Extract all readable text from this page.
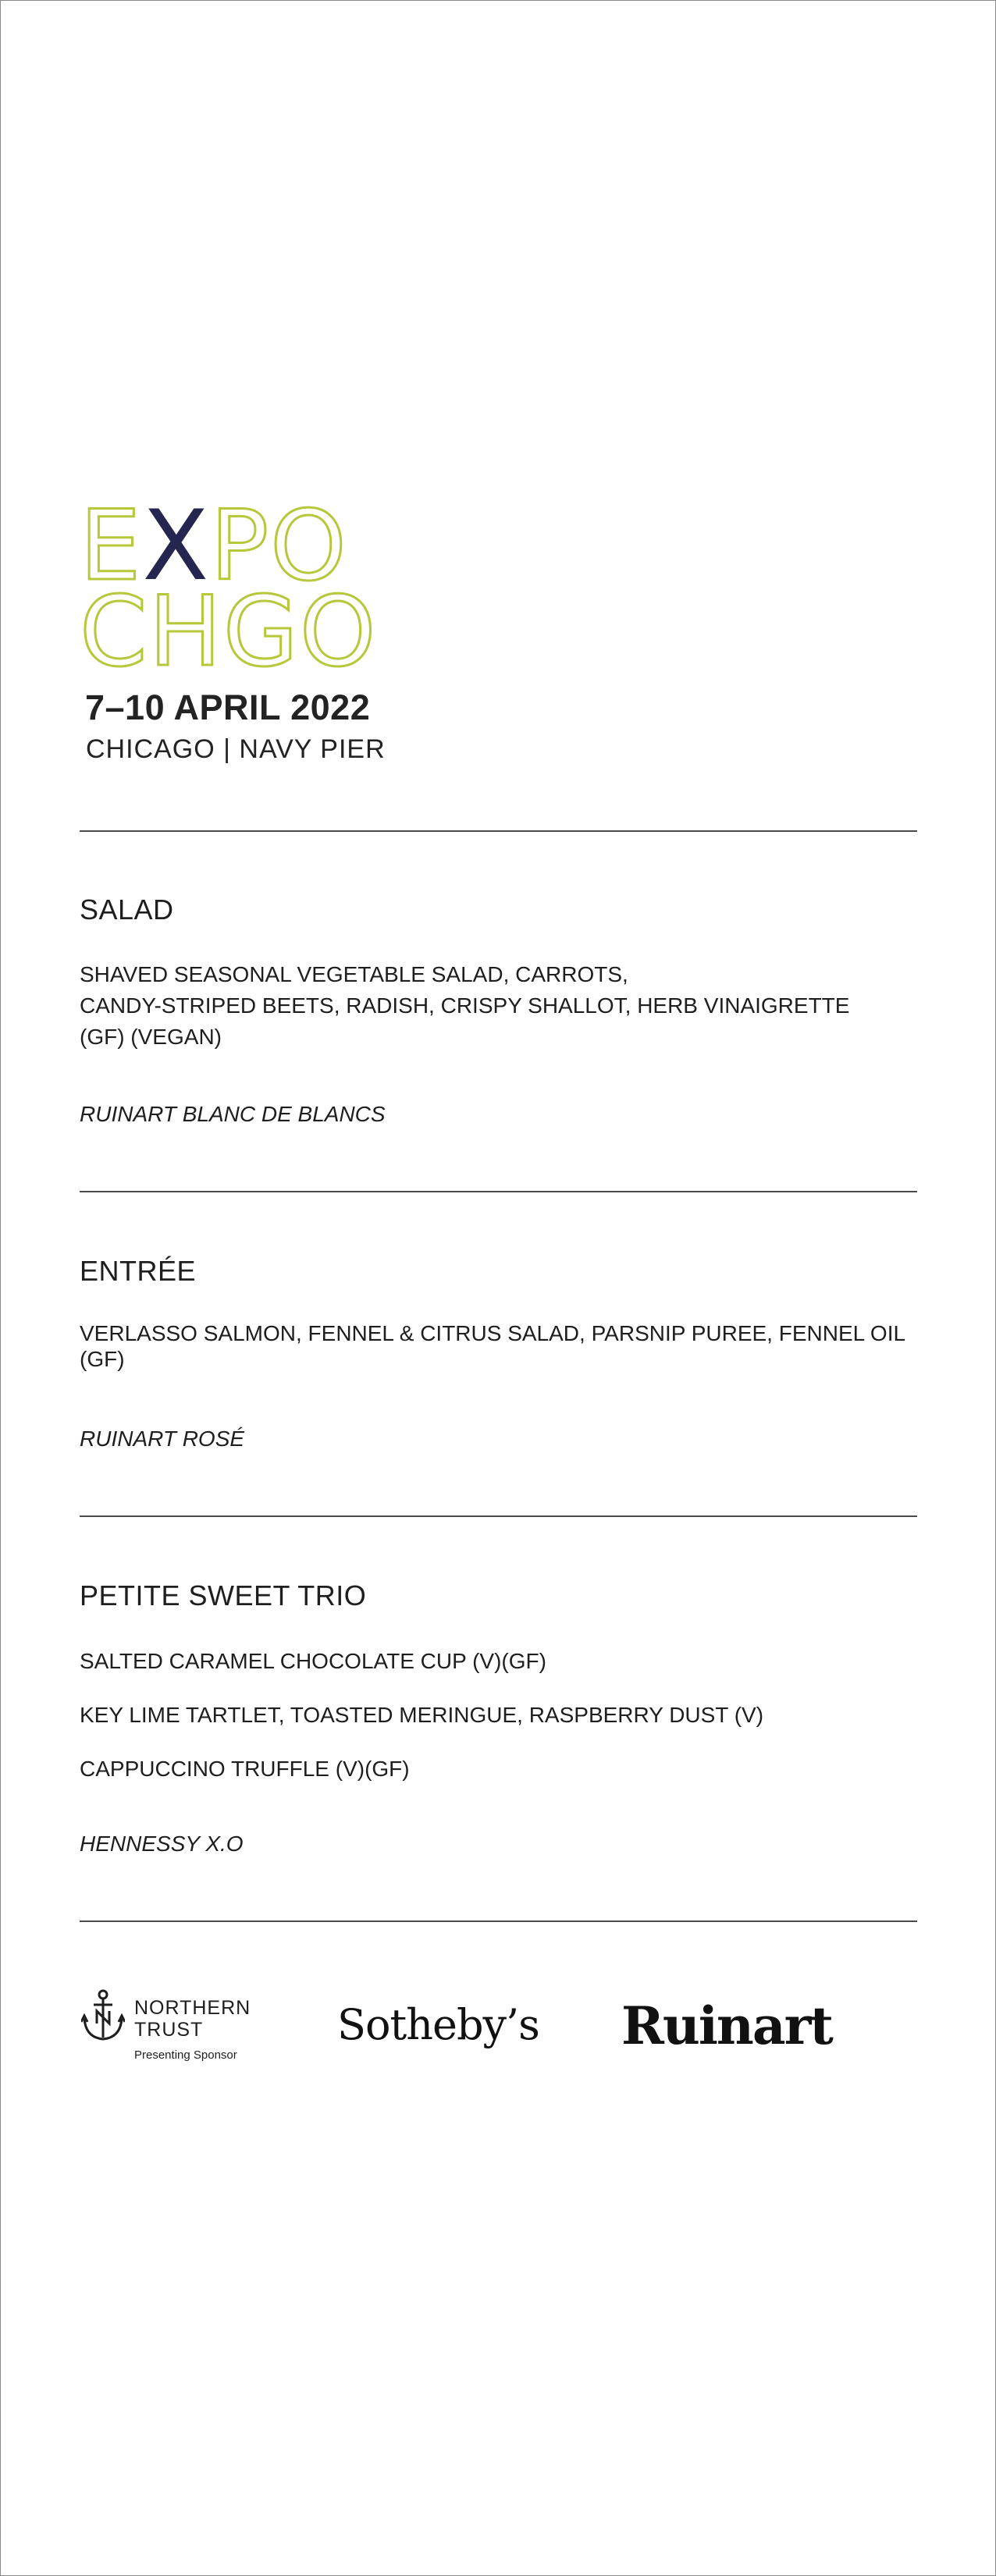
EXPO
CHGO
7–10 APRIL 2022
CHICAGO | NAVY PIER
SALAD
SHAVED SEASONAL VEGETABLE SALAD, CARROTS,
CANDY-STRIPED BEETS, RADISH, CRISPY SHALLOT, HERB VINAIGRETTE
(GF) (VEGAN)
RUINART BLANC DE BLANCS
ENTRÉE
VERLASSO SALMON, FENNEL & CITRUS SALAD, PARSNIP PUREE, FENNEL OIL
(GF)
RUINART ROSÉ
PETITE SWEET TRIO
SALTED CARAMEL CHOCOLATE CUP (V)(GF)
KEY LIME TARTLET, TOASTED MERINGUE, RASPBERRY DUST (V)
CAPPUCCINO TRUFFLE (V)(GF)
HENNESSY X.O
NORTHERN
TRUST
Presenting Sponsor
Sotheby’s Ruinart
